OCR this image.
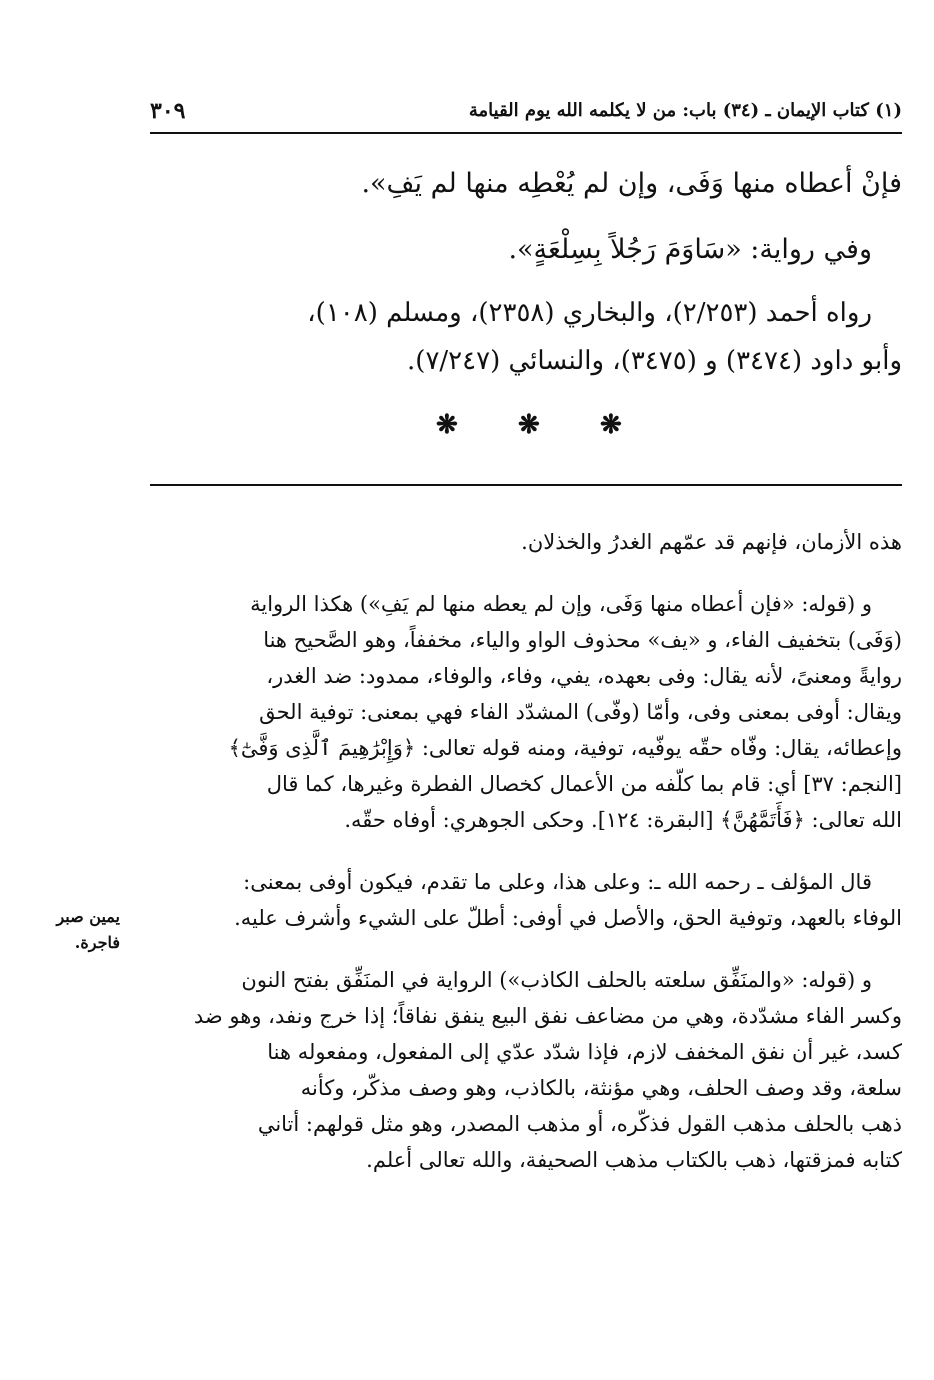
(١) كتاب الإيمان ـ (٣٤) باب: من لا يكلمه الله يوم القيامة
٣٠٩
فإنْ أعطاه منها وَفَى، وإن لم يُعْطِه منها لم يَفِ».
وفي رواية: «سَاوَمَ رَجُلاً بِسِلْعَةٍ».
رواه أحمد (٢/٢٥٣)، والبخاري (٢٣٥٨)، ومسلم (١٠٨)،
وأبو داود (٣٤٧٤) و (٣٤٧٥)، والنسائي (٧/٢٤٧).
❋ ❋ ❋
هذه الأزمان، فإنهم قد عمّهم الغدرُ والخذلان.
و (قوله: «فإن أعطاه منها وَفَى، وإن لم يعطه منها لم يَفِ») هكذا الرواية
(وَفَى) بتخفيف الفاء، و «يف» محذوف الواو والياء، مخففاً، وهو الصَّحيح هنا
روايةً ومعنىً، لأنه يقال: وفى بعهده، يفي، وفاء، والوفاء، ممدود: ضد الغدر،
ويقال: أوفى بمعنى وفى، وأمّا (وفّى) المشدّد الفاء فهي بمعنى: توفية الحق
وإعطائه، يقال: وفّاه حقّه يوفّيه، توفية، ومنه قوله تعالى: ﴿وَإِبْرَٰهِيمَ ٱلَّذِى وَفَّىٰٓ﴾
[النجم: ٣٧] أي: قام بما كلّفه من الأعمال كخصال الفطرة وغيرها، كما قال
الله تعالى: ﴿فَأَتَمَّهُنَّ﴾ [البقرة: ١٢٤]. وحكى الجوهري: أوفاه حقّه.
قال المؤلف ـ رحمه الله ـ: وعلى هذا، وعلى ما تقدم، فيكون أوفى بمعنى:
الوفاء بالعهد، وتوفية الحق، والأصل في أوفى: أطلّ على الشيء وأشرف عليه.
و (قوله: «والمنَفِّق سلعته بالحلف الكاذب») الرواية في المنَفِّق بفتح النون
وكسر الفاء مشدّدة، وهي من مضاعف نفق البيع ينفق نفاقاً؛ إذا خرج ونفد، وهو ضد
كسد، غير أن نفق المخفف لازم، فإذا شدّد عدّي إلى المفعول، ومفعوله هنا
سلعة، وقد وصف الحلف، وهي مؤنثة، بالكاذب، وهو وصف مذكّر، وكأنه
ذهب بالحلف مذهب القول فذكّره، أو مذهب المصدر، وهو مثل قولهم: أتاني
كتابه فمزقتها، ذهب بالكتاب مذهب الصحيفة، والله تعالى أعلم.
يمين صبر
فاجرة.
